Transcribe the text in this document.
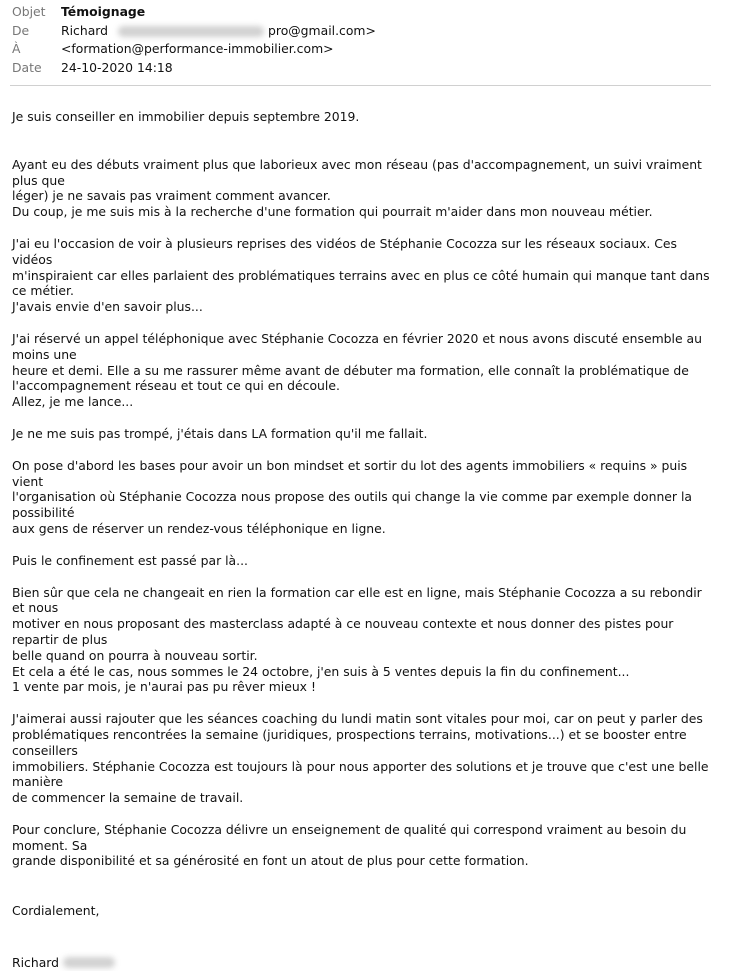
Objet	Témoignage
De	Richard	pro@gmail.com>
À	<formation@performance-immobilier.com>
Date	24-10-2020 14:18

Je suis conseiller en immobilier depuis septembre 2019.

Ayant eu des débuts vraiment plus que laborieux avec mon réseau (pas d'accompagnement, un suivi vraiment plus que
léger) je ne savais pas vraiment comment avancer.
Du coup, je me suis mis à la recherche d'une formation qui pourrait m'aider dans mon nouveau métier.

J'ai eu l'occasion de voir à plusieurs reprises des vidéos de Stéphanie Cocozza sur les réseaux sociaux. Ces vidéos
m'inspiraient car elles parlaient des problématiques terrains avec en plus ce côté humain qui manque tant dans ce métier.
J'avais envie d'en savoir plus...

J'ai réservé un appel téléphonique avec Stéphanie Cocozza en février 2020 et nous avons discuté ensemble au moins une
heure et demi. Elle a su me rassurer même avant de débuter ma formation, elle connaît la problématique de
l'accompagnement réseau et tout ce qui en découle.
Allez, je me lance...

Je ne me suis pas trompé, j'étais dans LA formation qu'il me fallait.

On pose d'abord les bases pour avoir un bon mindset et sortir du lot des agents immobiliers « requins » puis vient
l'organisation où Stéphanie Cocozza nous propose des outils qui change la vie comme par exemple donner la possibilité
aux gens de réserver un rendez-vous téléphonique en ligne.

Puis le confinement est passé par là...

Bien sûr que cela ne changeait en rien la formation car elle est en ligne, mais Stéphanie Cocozza a su rebondir et nous
motiver en nous proposant des masterclass adapté à ce nouveau contexte et nous donner des pistes pour repartir de plus
belle quand on pourra à nouveau sortir.
Et cela a été le cas, nous sommes le 24 octobre, j'en suis à 5 ventes depuis la fin du confinement...
1 vente par mois, je n'aurai pas pu rêver mieux !

J'aimerai aussi rajouter que les séances coaching du lundi matin sont vitales pour moi, car on peut y parler des
problématiques rencontrées la semaine (juridiques, prospections terrains, motivations...) et se booster entre conseillers
immobiliers. Stéphanie Cocozza est toujours là pour nous apporter des solutions et je trouve que c'est une belle manière
de commencer la semaine de travail.

Pour conclure, Stéphanie Cocozza délivre un enseignement de qualité qui correspond vraiment au besoin du moment. Sa
grande disponibilité et sa générosité en font un atout de plus pour cette formation.

Cordialement,

Richard
